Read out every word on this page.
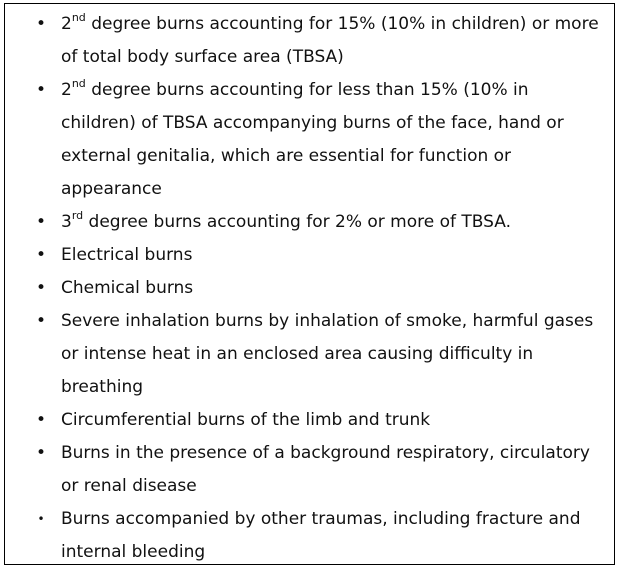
• 2nd degree burns accounting for 15% (10% in children) or more of total body surface area (TBSA)
• 2nd degree burns accounting for less than 15% (10% in children) of TBSA accompanying burns of the face, hand or external genitalia, which are essential for function or appearance
• 3rd degree burns accounting for 2% or more of TBSA.
• Electrical burns
• Chemical burns
• Severe inhalation burns by inhalation of smoke, harmful gases or intense heat in an enclosed area causing difficulty in breathing
• Circumferential burns of the limb and trunk
• Burns in the presence of a background respiratory, circulatory or renal disease
• Burns accompanied by other traumas, including fracture and internal bleeding
